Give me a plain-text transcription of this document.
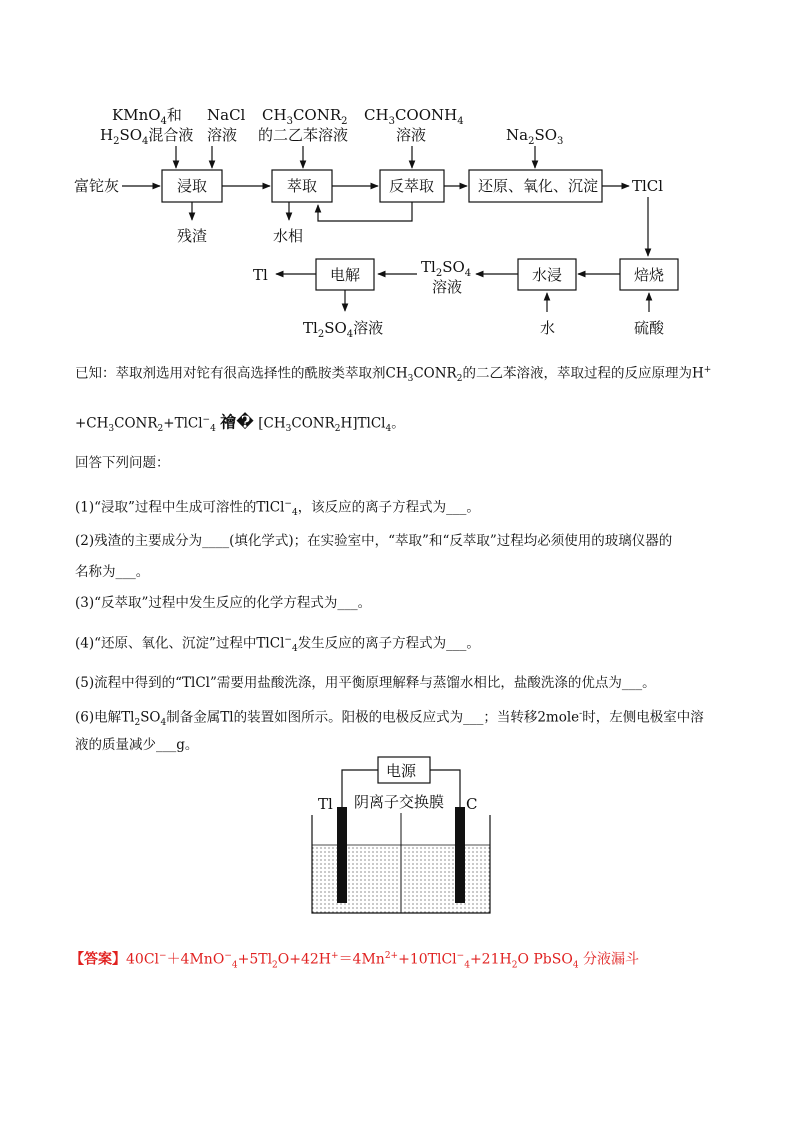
KMnO$_4$和
$H_2SO_4$混合液
NaCl
溶液
$CH_3CONR_2$
的二乙苯溶液
$CH_3COONH_4$
溶液	$Na_2SO_3$
富铊灰	浸取	萃取	反萃取	还原、氧化、沉淀 TlCl
残渣	水相
焙烧
硫酸
水浸
水
$Tl_2SO_4$
溶液
电解
Tl
$Tl_2SO_4$溶液
已知：萃取剂选用对铊有很高选择性的酰胺类萃取剂$CH_3CONR_2$的二乙苯溶液，萃取过程的反应原理为H+
$+CH_3CONR_2+TlCl^-_4$ 禬� $[CH_3CONR_2H]TlCl_4$。
回答下列问题：
(1)“浸取”过程中生成可溶性的TlCl−$_4$，该反应的离子方程式为___。
(2)残渣的主要成分为____(填化学式)；在实验室中，“萃取”和“反萃取”过程均必须使用的玻璃仪器的
名称为___。
(3)“反萃取”过程中发生反应的化学方程式为___。
(4)“还原、氧化、沉淀”过程中TlCl−$_4$发生反应的离子方程式为___。
(5)流程中得到的“TlCl”需要用盐酸洗涤，用平衡原理解释与蒸馏水相比，盐酸洗涤的优点为___。
(6)电解$Tl_2SO_4$制备金属Tl的装置如图所示。阳极的电极反应式为___；当转移2mole-时，左侧电极室中溶
液的质量减少___g。
电源
Tl	C
阴离子交换膜
【答案】$40Cl^-+4MnO^-_4+5Tl_2O+42H^+=4Mn^{2+}+10TlCl^-_4+21H_2O$ PbSO$_4$ 分液漏斗
